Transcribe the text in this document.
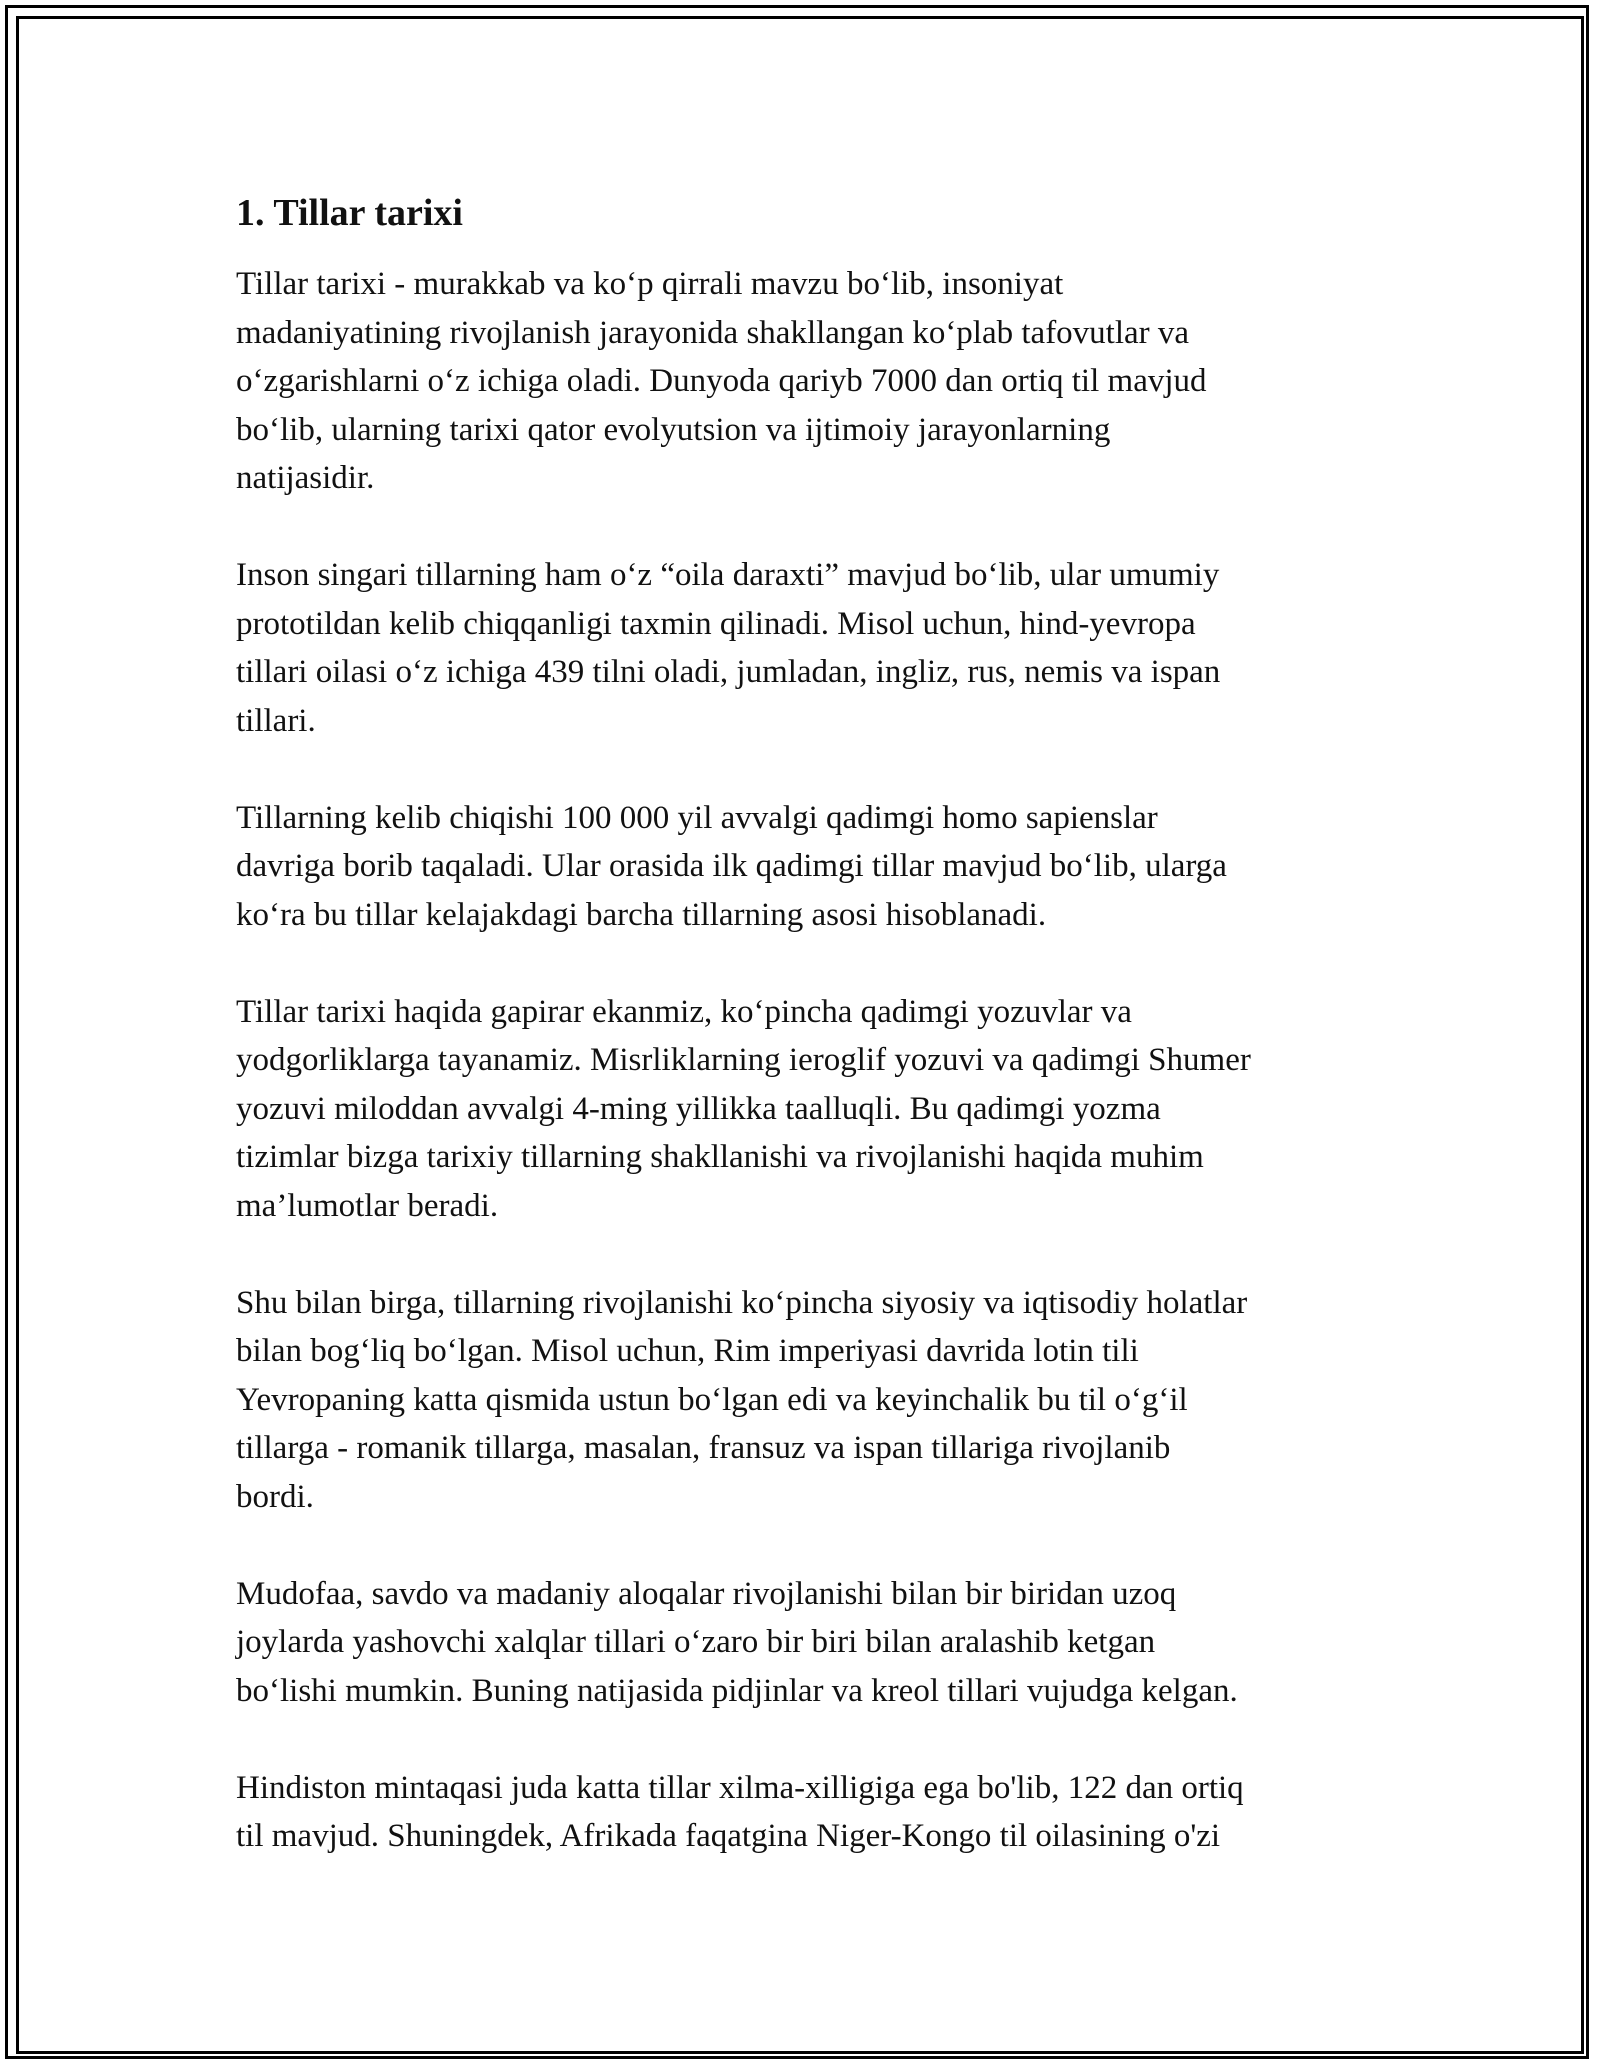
1. Tillar tarixi
Tillar tarixi - murakkab va ko‘p qirrali mavzu bo‘lib, insoniyat
madaniyatining rivojlanish jarayonida shakllangan ko‘plab tafovutlar va
o‘zgarishlarni o‘z ichiga oladi. Dunyoda qariyb 7000 dan ortiq til mavjud
bo‘lib, ularning tarixi qator evolyutsion va ijtimoiy jarayonlarning
natijasidir.
Inson singari tillarning ham o‘z “oila daraxti” mavjud bo‘lib, ular umumiy
prototildan kelib chiqqanligi taxmin qilinadi. Misol uchun, hind-yevropa
tillari oilasi o‘z ichiga 439 tilni oladi, jumladan, ingliz, rus, nemis va ispan
tillari.
Tillarning kelib chiqishi 100 000 yil avvalgi qadimgi homo sapienslar
davriga borib taqaladi. Ular orasida ilk qadimgi tillar mavjud bo‘lib, ularga
ko‘ra bu tillar kelajakdagi barcha tillarning asosi hisoblanadi.
Tillar tarixi haqida gapirar ekanmiz, ko‘pincha qadimgi yozuvlar va
yodgorliklarga tayanamiz. Misrliklarning ieroglif yozuvi va qadimgi Shumer
yozuvi miloddan avvalgi 4-ming yillikka taalluqli. Bu qadimgi yozma
tizimlar bizga tarixiy tillarning shakllanishi va rivojlanishi haqida muhim
ma’lumotlar beradi.
Shu bilan birga, tillarning rivojlanishi ko‘pincha siyosiy va iqtisodiy holatlar
bilan bog‘liq bo‘lgan. Misol uchun, Rim imperiyasi davrida lotin tili
Yevropaning katta qismida ustun bo‘lgan edi va keyinchalik bu til o‘g‘il
tillarga - romanik tillarga, masalan, fransuz va ispan tillariga rivojlanib
bordi.
Mudofaa, savdo va madaniy aloqalar rivojlanishi bilan bir biridan uzoq
joylarda yashovchi xalqlar tillari o‘zaro bir biri bilan aralashib ketgan
bo‘lishi mumkin. Buning natijasida pidjinlar va kreol tillari vujudga kelgan.
Hindiston mintaqasi juda katta tillar xilma-xilligiga ega bo'lib, 122 dan ortiq
til mavjud. Shuningdek, Afrikada faqatgina Niger-Kongo til oilasining o'zi
